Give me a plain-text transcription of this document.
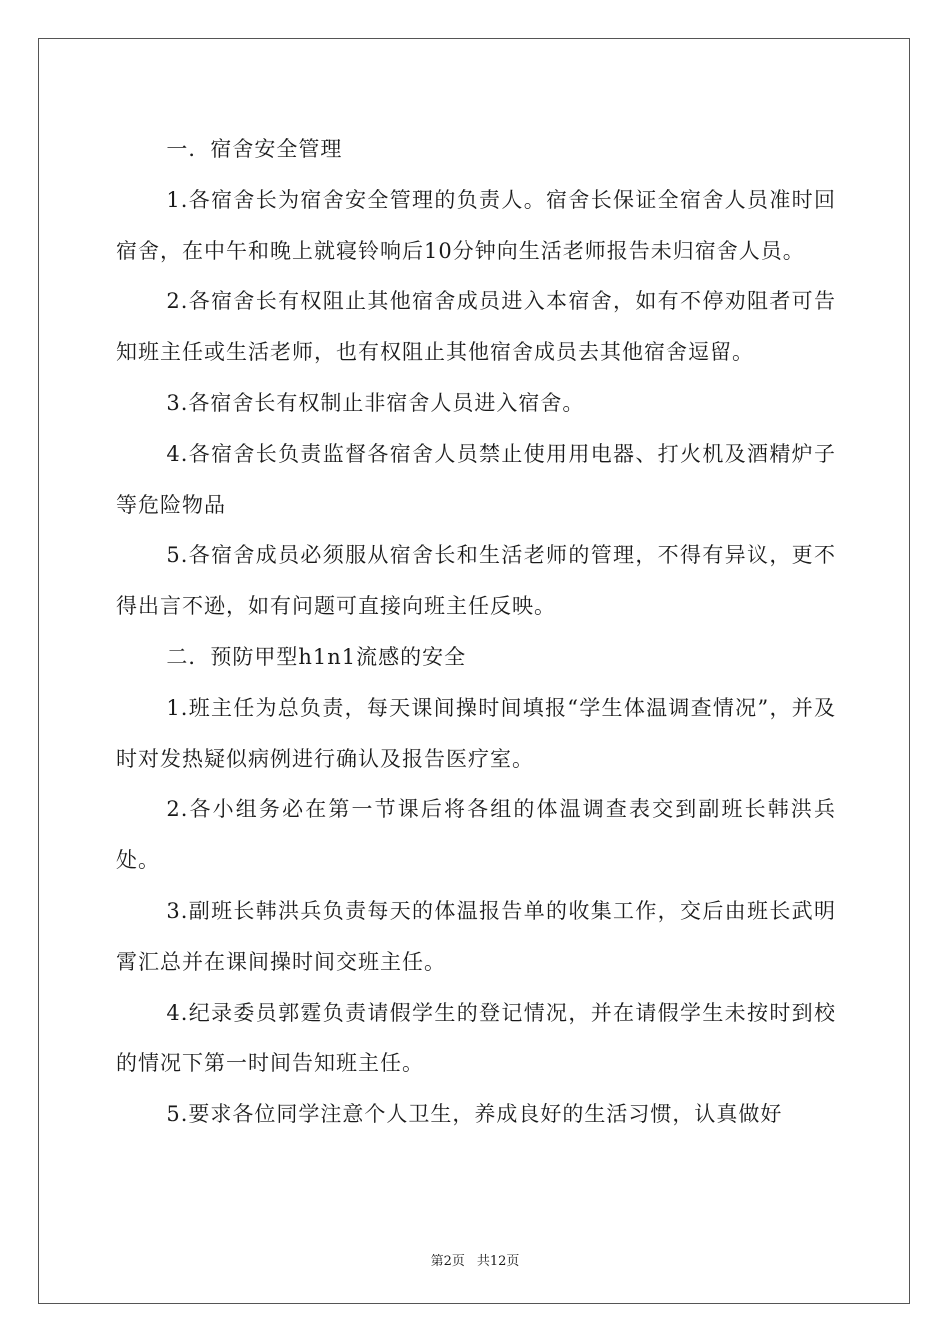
一．宿舍安全管理

1.各宿舍长为宿舍安全管理的负责人。宿舍长保证全宿舍人员准时回宿舍，在中午和晚上就寝铃响后10分钟向生活老师报告未归宿舍人员。

2.各宿舍长有权阻止其他宿舍成员进入本宿舍，如有不停劝阻者可告知班主任或生活老师，也有权阻止其他宿舍成员去其他宿舍逗留。

3.各宿舍长有权制止非宿舍人员进入宿舍。

4.各宿舍长负责监督各宿舍人员禁止使用用电器、打火机及酒精炉子等危险物品

5.各宿舍成员必须服从宿舍长和生活老师的管理，不得有异议，更不得出言不逊，如有问题可直接向班主任反映。

二．预防甲型h1n1流感的安全

1.班主任为总负责，每天课间操时间填报“学生体温调查情况”，并及时对发热疑似病例进行确认及报告医疗室。

2.各小组务必在第一节课后将各组的体温调查表交到副班长韩洪兵处。

3.副班长韩洪兵负责每天的体温报告单的收集工作，交后由班长武明霄汇总并在课间操时间交班主任。

4.纪录委员郭霆负责请假学生的登记情况，并在请假学生未按时到校的情况下第一时间告知班主任。

5.要求各位同学注意个人卫生，养成良好的生活习惯，认真做好

第2页 共12页
